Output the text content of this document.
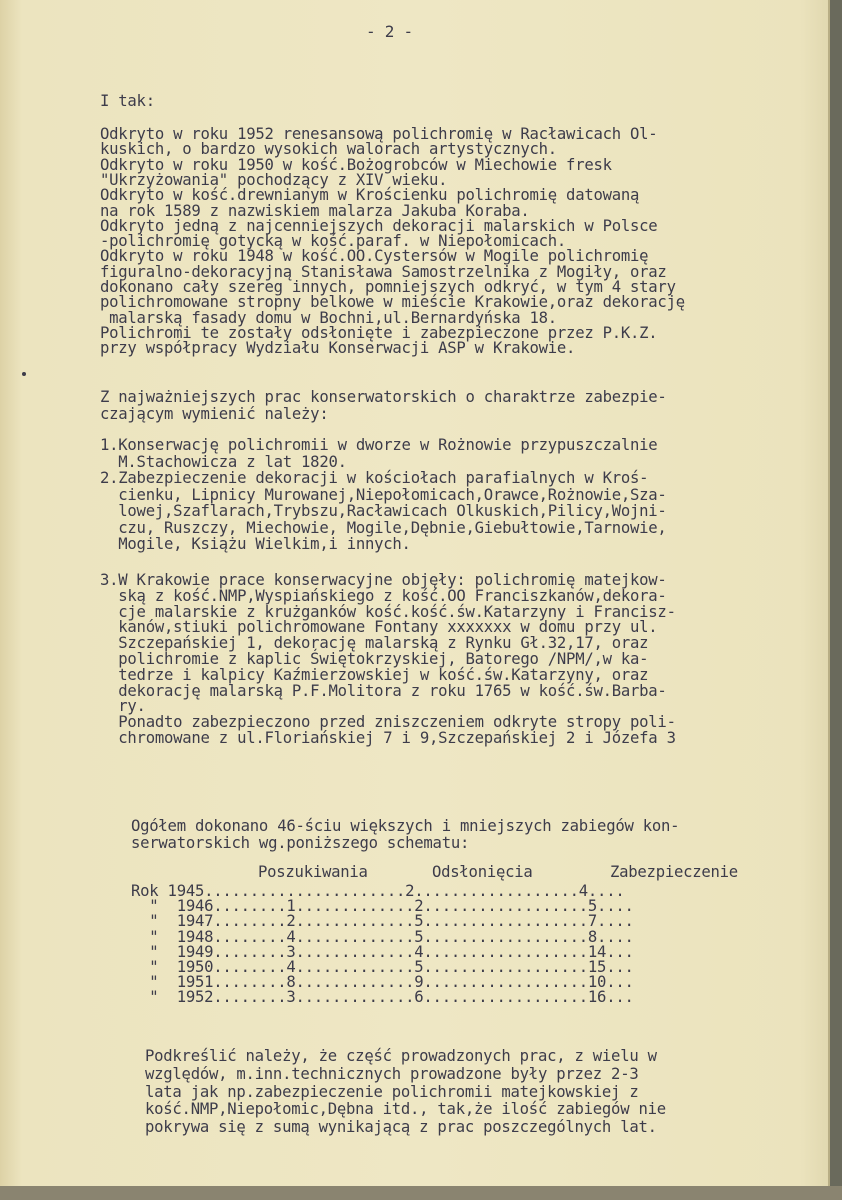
- 2 -
I tak:
Odkryto w roku 1952 renesansową polichromię w Racławicach Ol-
kuskich, o bardzo wysokich walorach artystycznych.
Odkryto w roku 1950 w kość.Bożogrobców w Miechowie fresk
"Ukrzyżowania" pochodzący z XIV wieku.
Odkryto w kość.drewnianym w Krościenku polichromię datowaną
na rok 1589 z nazwiskiem malarza Jakuba Koraba.
Odkryto jedną z najcenniejszych dekoracji malarskich w Polsce
-polichromię gotycką w kość.paraf. w Niepołomicach.
Odkryto w roku 1948 w kość.OO.Cystersów w Mogile polichromię
figuralno-dekoracyjną Stanisława Samostrzelnika z Mogiły, oraz
dokonano cały szereg innych, pomniejszych odkryć, w tym 4 stary
polichromowane stropny belkowe w mieście Krakowie,oraz dekorację
malarską fasady domu w Bochni,ul.Bernardyńska 18.
Polichromi te zostały odsłonięte i zabezpieczone przez P.K.Z.
przy współpracy Wydziału Konserwacji ASP w Krakowie.
Z najważniejszych prac konserwatorskich o charaktrze zabezpie-
czającym wymienić należy:
1.Konserwację polichromii w dworze w Rożnowie przypuszczalnie
M.Stachowicza z lat 1820.
2.Zabezpieczenie dekoracji w kościołach parafialnych w Kroś-
cienku, Lipnicy Murowanej,Niepołomicach,Orawce,Rożnowie,Sza-
lowej,Szaflarach,Trybszu,Racławicach Olkuskich,Pilicy,Wojni-
czu, Ruszczy, Miechowie, Mogile,Dębnie,Giebułtowie,Tarnowie,
Mogile, Książu Wielkim,i innych.
3.W Krakowie prace konserwacyjne objęły: polichromię matejkow-
ską z kość.NMP,Wyspiańskiego z kość.OO Franciszkanów,dekora-
cje malarskie z krużganków kość.kość.św.Katarzyny i Francisz-
kanów,stiuki polichromowane Fontany xxxxxxx w domu przy ul.
Szczepańskiej 1, dekorację malarską z Rynku Gł.32,17, oraz
polichromie z kaplic Świętokrzyskiej, Batorego /NPM/,w ka-
tedrze i kalpicy Kaźmierzowskiej w kość.św.Katarzyny, oraz
dekorację malarską P.F.Molitora z roku 1765 w kość.św.Barba-
ry.
Ponadto zabezpieczono przed zniszczeniem odkryte stropy poli-
chromowane z ul.Floriańskiej 7 i 9,Szczepańskiej 2 i Józefa 3
Ogółem dokonano 46-ściu większych i mniejszych zabiegów kon-
serwatorskich wg.poniższego schematu:
Poszukiwania	Odsłonięcia	Zabezpieczenie
Rok 1945......................2..................4....
"  1946........1.............2..................5....
"  1947........2.............5..................7....
"  1948........4.............5..................8....
"  1949........3.............4..................14...
"  1950........4.............5..................15...
"  1951........8.............9..................10...
"  1952........3.............6..................16...
Podkreślić należy, że część prowadzonych prac, z wielu w
względów, m.inn.technicznych prowadzone były przez 2-3
lata jak np.zabezpieczenie polichromii matejkowskiej z
kość.NMP,Niepołomic,Dębna itd., tak,że ilość zabiegów nie
pokrywa się z sumą wynikającą z prac poszczególnych lat.
